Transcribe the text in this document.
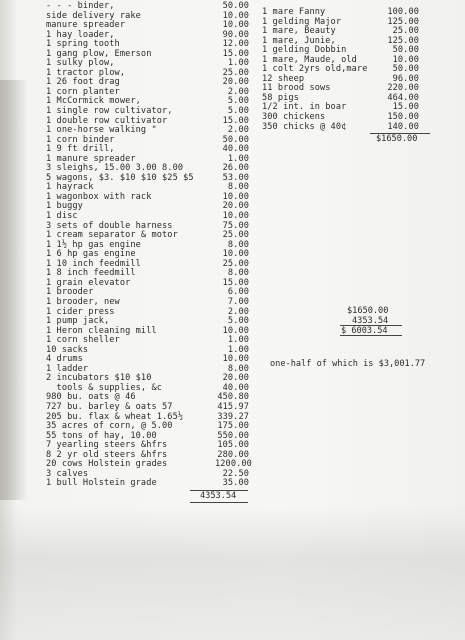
- - - binder,
side delivery rake
manure spreader
1 hay loader,
1 spring tooth
1 gang plow, Emerson
1 sulky plow,
1 tractor plow,
1 26 foot drag
1 corn planter
1 McCormick mower,
1 single row cultivator,
1 double row cultivator
1 one-horse walking "
1 corn binder
1 9 ft drill,
1 manure spreader
3 sleighs, 15.00 3.00 8.00
5 wagons, $3. $10 $10 $25 $5
1 hayrack
1 wagonbox with rack
1 buggy
1 disc
3 sets of double harness
1 cream separator & motor
1 1½ hp gas engine
1 6 hp gas engine
1 10 inch feedmill
1 8 inch feedmill
1 grain elevator
1 brooder
1 brooder, new
1 cider press
1 pump jack,
1 Heron cleaning mill
1 corn sheller
10 sacks
4 drums
1 ladder
2 incubators $10 $10
tools & supplies, &c
980 bu. oats @ 46
727 bu. barley & oats 57
205 bu. flax & wheat 1.65½
35 acres of corn, @ 5.00
55 tons of hay, 10.00
7 yearling steers &hfrs
8 2 yr old steers &hfrs
20 cows Holstein grades
3 calves
1 bull Holstein grade
50.00
10.00
10.00
90.00
12.00
15.00
1.00
25.00
20.00
2.00
5.00
5.00
15.00
2.00
50.00
40.00
1.00
26.00
53.00
8.00
10.00
20.00
10.00
75.00
25.00
8.00
10.00
25.00
8.00
15.00
6.00
7.00
2.00
5.00
10.00
1.00
1.00
10.00
8.00
20.00
40.00
450.80
415.97
339.27
175.00
550.00
105.00
280.00
1200.00
22.50
35.00
4353.54
1 mare Fanny
1 gelding Major
1 mare, Beauty
1 mare, Junie,
1 gelding Dobbin
1 mare, Maude, old
1 colt 2yrs old,mare
12 sheep
11 brood sows
58 pigs
1/2 int. in boar
300 chickens
350 chicks @ 40¢
100.00
125.00
25.00
125.00
50.00
10.00
50.00
96.00
220.00
464.00
15.00
150.00
140.00
$1650.00
$1650.00
4353.54
$ 6003.54
one-half of which is $3,001.77
